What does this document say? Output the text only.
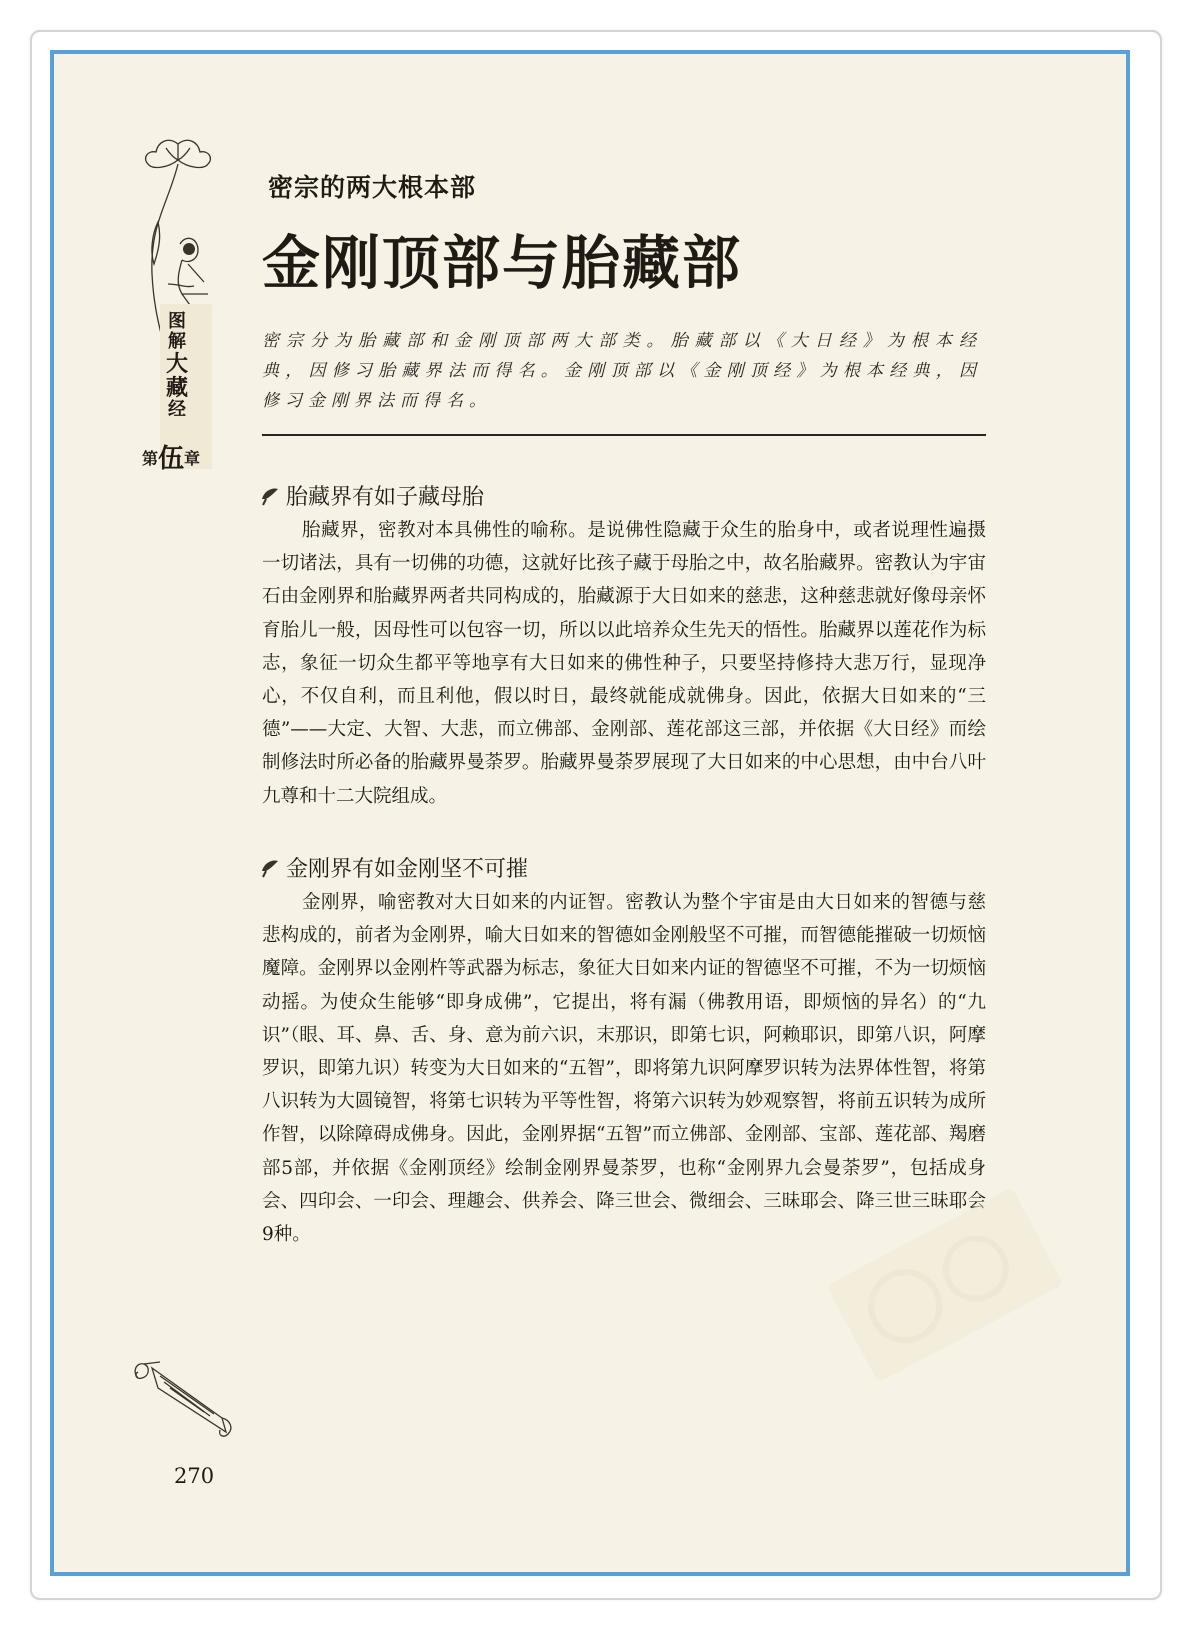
图
解
大
藏
经
第伍章
密宗的两大根本部
金刚顶部与胎藏部
密宗分为胎藏部和金刚顶部两大部类。胎藏部以《大日经》为根本经典，因修习胎藏界法而得名。金刚顶部以《金刚顶经》为根本经典，因修习金刚界法而得名。
胎藏界有如子藏母胎
胎藏界，密教对本具佛性的喻称。是说佛性隐藏于众生的胎身中，或者说理性遍摄一切诸法，具有一切佛的功德，这就好比孩子藏于母胎之中，故名胎藏界。密教认为宇宙石由金刚界和胎藏界两者共同构成的，胎藏源于大日如来的慈悲，这种慈悲就好像母亲怀育胎儿一般，因母性可以包容一切，所以以此培养众生先天的悟性。胎藏界以莲花作为标志，象征一切众生都平等地享有大日如来的佛性种子，只要坚持修持大悲万行，显现净心，不仅自利，而且利他，假以时日，最终就能成就佛身。因此，依据大日如来的“三德”——大定、大智、大悲，而立佛部、金刚部、莲花部这三部，并依据《大日经》而绘制修法时所必备的胎藏界曼荼罗。胎藏界曼荼罗展现了大日如来的中心思想，由中台八叶九尊和十二大院组成。
金刚界有如金刚坚不可摧
金刚界，喻密教对大日如来的内证智。密教认为整个宇宙是由大日如来的智德与慈悲构成的，前者为金刚界，喻大日如来的智德如金刚般坚不可摧，而智德能摧破一切烦恼魔障。金刚界以金刚杵等武器为标志，象征大日如来内证的智德坚不可摧，不为一切烦恼动摇。为使众生能够“即身成佛”，它提出，将有漏（佛教用语，即烦恼的异名）的“九识”（眼、耳、鼻、舌、身、意为前六识，末那识，即第七识，阿赖耶识，即第八识，阿摩罗识，即第九识）转变为大日如来的“五智”，即将第九识阿摩罗识转为法界体性智，将第八识转为大圆镜智，将第七识转为平等性智，将第六识转为妙观察智，将前五识转为成所作智，以除障碍成佛身。因此，金刚界据“五智”而立佛部、金刚部、宝部、莲花部、羯磨部5部，并依据《金刚顶经》绘制金刚界曼荼罗，也称“金刚界九会曼荼罗”，包括成身会、四印会、一印会、理趣会、供养会、降三世会、微细会、三昧耶会、降三世三昧耶会9种。
270
